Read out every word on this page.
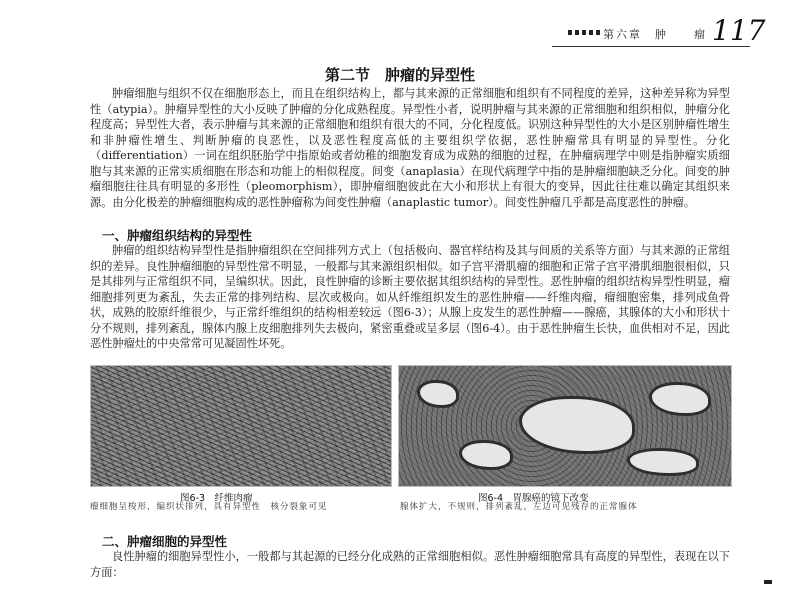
第六章　肿　　瘤 117
第二节　肿瘤的异型性

肿瘤细胞与组织不仅在细胞形态上，而且在组织结构上，都与其来源的正常细胞和组织有不同程度的差异，这种差异称为异型性（atypia）。肿瘤异型性的大小反映了肿瘤的分化成熟程度。异型性小者，说明肿瘤与其来源的正常细胞和组织相似，肿瘤分化程度高；异型性大者，表示肿瘤与其来源的正常细胞和组织有很大的不同，分化程度低。识别这种异型性的大小是区别肿瘤性增生和非肿瘤性增生、判断肿瘤的良恶性，以及恶性程度高低的主要组织学依据，恶性肿瘤常具有明显的异型性。分化（differentiation）一词在组织胚胎学中指原始或者幼稚的细胞发育成为成熟的细胞的过程，在肿瘤病理学中则是指肿瘤实质细胞与其来源的正常实质细胞在形态和功能上的相似程度。间变（anaplasia）在现代病理学中指的是肿瘤细胞缺乏分化。间变的肿瘤细胞往往具有明显的多形性（pleomorphism），即肿瘤细胞彼此在大小和形状上有很大的变异，因此往往难以确定其组织来源。由分化极差的肿瘤细胞构成的恶性肿瘤称为间变性肿瘤（anaplastic tumor）。间变性肿瘤几乎都是高度恶性的肿瘤。

一、肿瘤组织结构的异型性

肿瘤的组织结构异型性是指肿瘤组织在空间排列方式上（包括极向、器官样结构及其与间质的关系等方面）与其来源的正常组织的差异。良性肿瘤细胞的异型性常不明显，一般都与其来源组织相似。如子宫平滑肌瘤的细胞和正常子宫平滑肌细胞很相似，只是其排列与正常组织不同，呈编织状。因此，良性肿瘤的诊断主要依据其组织结构的异型性。恶性肿瘤的组织结构异型性明显，瘤细胞排列更为紊乱，失去正常的排列结构、层次或极向。如从纤维组织发生的恶性肿瘤——纤维肉瘤，瘤细胞密集，排列成鱼骨状，成熟的胶原纤维很少，与正常纤维组织的结构相差较远（图6-3）；从腺上皮发生的恶性肿瘤——腺癌，其腺体的大小和形状十分不规则，排列紊乱，腺体内腺上皮细胞排列失去极向，紧密重叠或呈多层（图6-4）。由于恶性肿瘤生长快，血供相对不足，因此恶性肿瘤灶的中央常常可见凝固性坏死。

图6-3　纤维肉瘤

瘤细胞呈梭形，编织状排列，具有异型性　核分裂象可见

图6-4　胃腺癌的镜下改变

腺体扩大，不规则，排列紊乱，左边可见残存的正常腺体

二、肿瘤细胞的异型性

良性肿瘤的细胞异型性小，一般都与其起源的已经分化成熟的正常细胞相似。恶性肿瘤细胞常具有高度的异型性，表现在以下方面：
